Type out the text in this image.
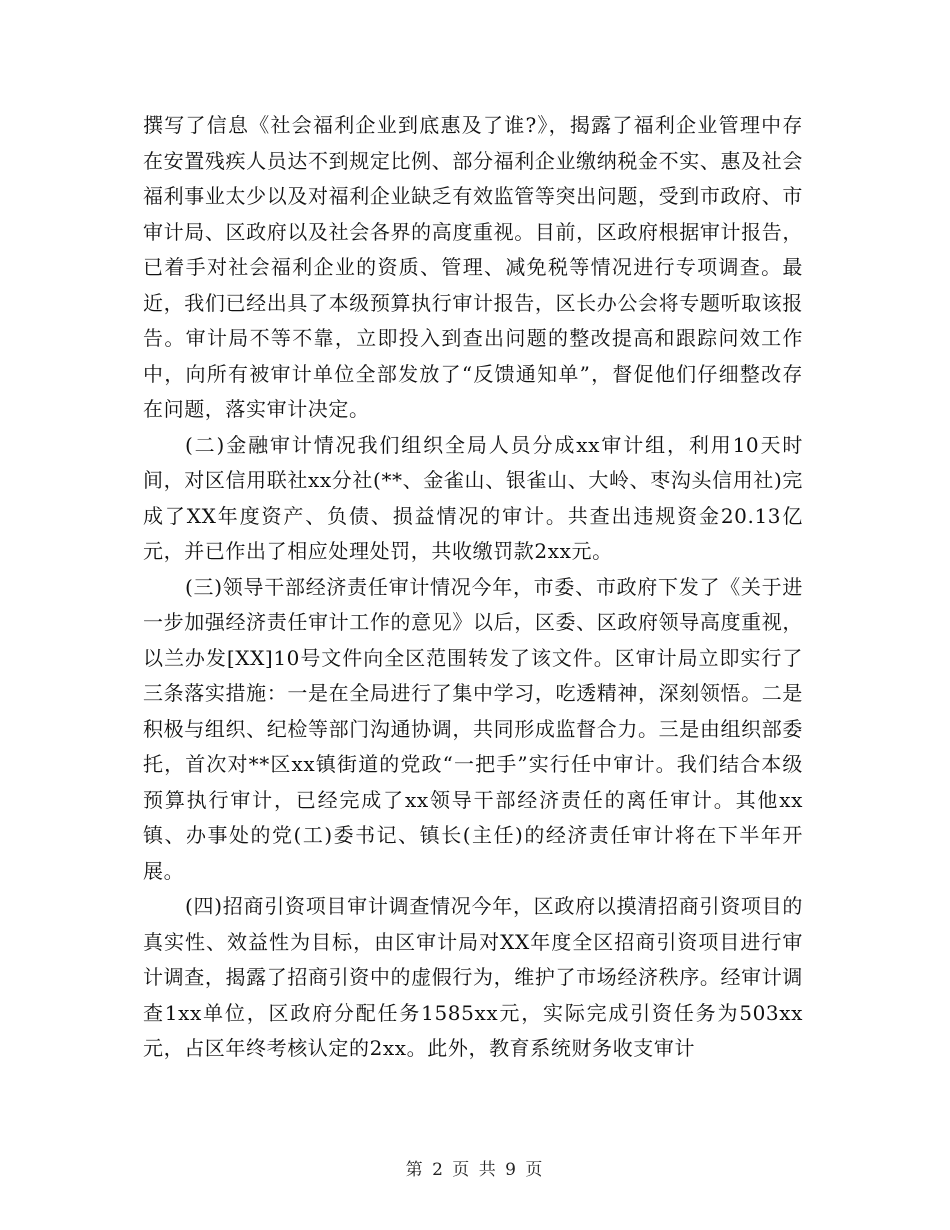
撰写了信息《社会福利企业到底惠及了谁?》，揭露了福利企业管理中存在安置残疾人员达不到规定比例、部分福利企业缴纳税金不实、惠及社会福利事业太少以及对福利企业缺乏有效监管等突出问题，受到市政府、市审计局、区政府以及社会各界的高度重视。目前，区政府根据审计报告，已着手对社会福利企业的资质、管理、减免税等情况进行专项调查。最近，我们已经出具了本级预算执行审计报告，区长办公会将专题听取该报告。审计局不等不靠，立即投入到查出问题的整改提高和跟踪问效工作中，向所有被审计单位全部发放了“反馈通知单”，督促他们仔细整改存在问题，落实审计决定。

(二)金融审计情况我们组织全局人员分成xx审计组，利用10天时间，对区信用联社xx分社(**、金雀山、银雀山、大岭、枣沟头信用社)完成了XX年度资产、负债、损益情况的审计。共查出违规资金20.13亿元，并已作出了相应处理处罚，共收缴罚款2xx元。

(三)领导干部经济责任审计情况今年，市委、市政府下发了《关于进一步加强经济责任审计工作的意见》以后，区委、区政府领导高度重视，以兰办发[XX]10号文件向全区范围转发了该文件。区审计局立即实行了三条落实措施：一是在全局进行了集中学习，吃透精神，深刻领悟。二是积极与组织、纪检等部门沟通协调，共同形成监督合力。三是由组织部委托，首次对**区xx镇街道的党政“一把手”实行任中审计。我们结合本级预算执行审计，已经完成了xx领导干部经济责任的离任审计。其他xx镇、办事处的党(工)委书记、镇长(主任)的经济责任审计将在下半年开展。

(四)招商引资项目审计调查情况今年，区政府以摸清招商引资项目的真实性、效益性为目标，由区审计局对XX年度全区招商引资项目进行审计调查，揭露了招商引资中的虚假行为，维护了市场经济秩序。经审计调查1xx单位，区政府分配任务1585xx元，实际完成引资任务为503xx元，占区年终考核认定的2xx。此外，教育系统财务收支审计

第 2 页 共 9 页
